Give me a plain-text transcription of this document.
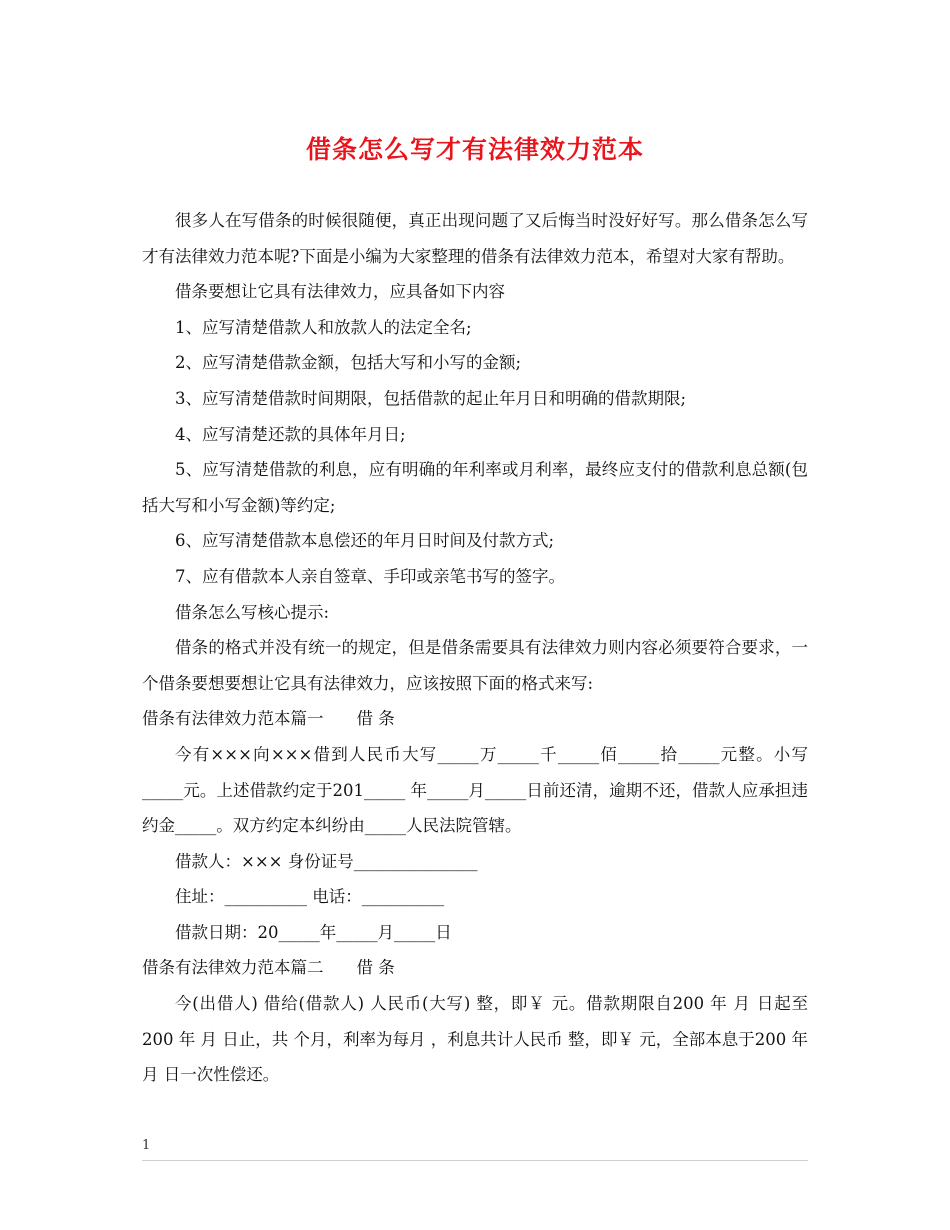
借条怎么写才有法律效力范本

很多人在写借条的时候很随便，真正出现问题了又后悔当时没好好写。那么借条怎么写才有法律效力范本呢?下面是小编为大家整理的借条有法律效力范本，希望对大家有帮助。

借条要想让它具有法律效力，应具备如下内容

1、应写清楚借款人和放款人的法定全名;

2、应写清楚借款金额，包括大写和小写的金额;

3、应写清楚借款时间期限，包括借款的起止年月日和明确的借款期限;

4、应写清楚还款的具体年月日;

5、应写清楚借款的利息，应有明确的年利率或月利率，最终应支付的借款利息总额(包括大写和小写金额)等约定;

6、应写清楚借款本息偿还的年月日时间及付款方式;

7、应有借款本人亲自签章、手印或亲笔书写的签字。

借条怎么写核心提示:

借条的格式并没有统一的规定，但是借条需要具有法律效力则内容必须要符合要求，一个借条要想要想让它具有法律效力，应该按照下面的格式来写:

借条有法律效力范本篇一　　借 条

今有×××向×××借到人民币大写_____万_____千_____佰_____拾_____元整。小写_____元。上述借款约定于201_____ 年_____月_____日前还清，逾期不还，借款人应承担违约金_____。双方约定本纠纷由_____人民法院管辖。

借款人：××× 身份证号_______________

住址：__________ 电话：__________

借款日期：20_____年_____月_____日

借条有法律效力范本篇二　　借 条

今(出借人) 借给(借款人) 人民币(大写) 整，即￥ 元。借款期限自200 年 月 日起至200 年 月 日止，共 个月，利率为每月 ，利息共计人民币 整，即￥ 元，全部本息于200 年 月 日一次性偿还。

1
